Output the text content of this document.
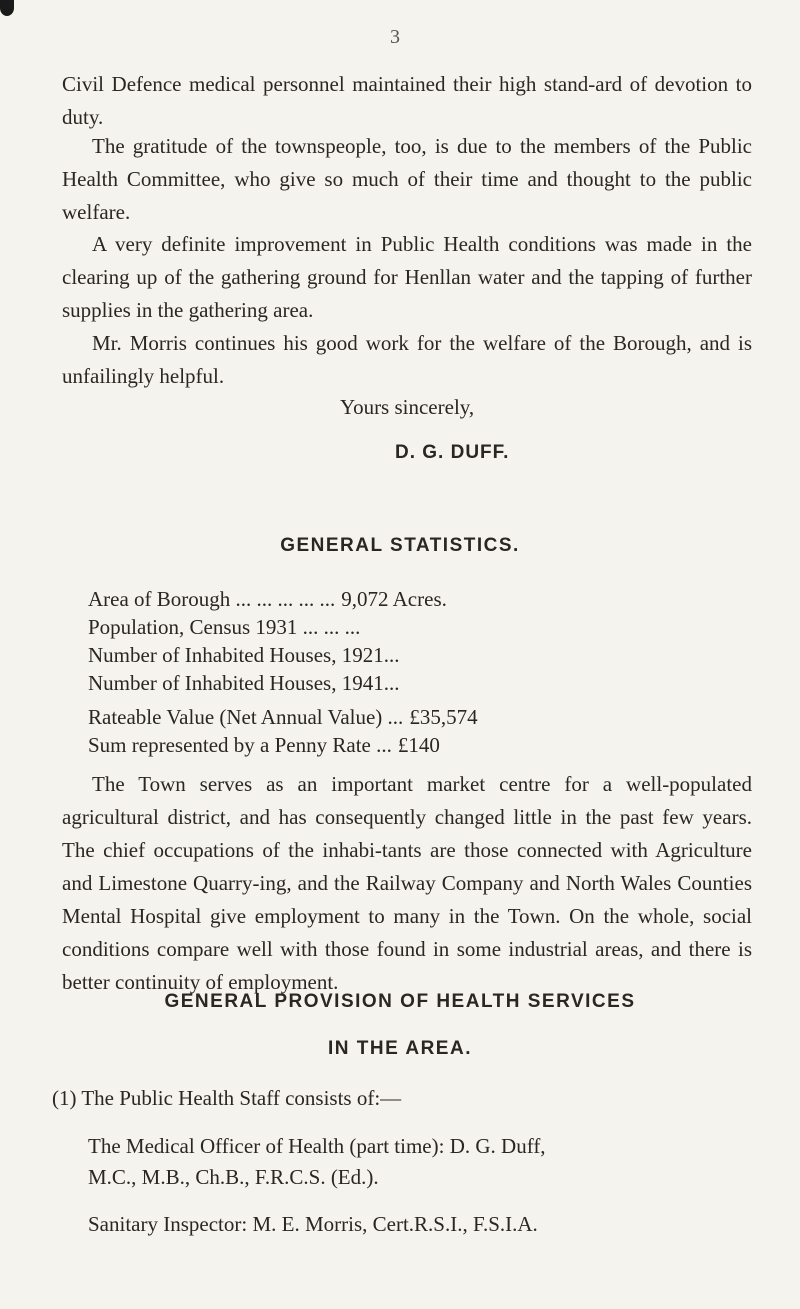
3

Civil Defence medical personnel maintained their high stand-ard of devotion to duty.

The gratitude of the townspeople, too, is due to the members of the Public Health Committee, who give so much of their time and thought to the public welfare.

A very definite improvement in Public Health conditions was made in the clearing up of the gathering ground for Henllan water and the tapping of further supplies in the gathering area.

Mr. Morris continues his good work for the welfare of the Borough, and is unfailingly helpful.

Yours sincerely,
D. G. DUFF.
GENERAL STATISTICS.
Area of Borough ... ... ... ... ... 9,072 Acres.
Population, Census 1931 ... ... ...
Number of Inhabited Houses, 1921...
Number of Inhabited Houses, 1941...
Rateable Value (Net Annual Value) ... £35,574
Sum represented by a Penny Rate ... £140

The Town serves as an important market centre for a well-populated agricultural district, and has consequently changed little in the past few years. The chief occupations of the inhabi-tants are those connected with Agriculture and Limestone Quarry-ing, and the Railway Company and North Wales Counties Mental Hospital give employment to many in the Town. On the whole, social conditions compare well with those found in some industrial areas, and there is better continuity of employment.

GENERAL PROVISION OF HEALTH SERVICES
IN THE AREA.
(1) The Public Health Staff consists of:—
The Medical Officer of Health (part time): D. G. Duff,
M.C., M.B., Ch.B., F.R.C.S. (Ed.).
Sanitary Inspector: M. E. Morris, Cert.R.S.I., F.S.I.A.
